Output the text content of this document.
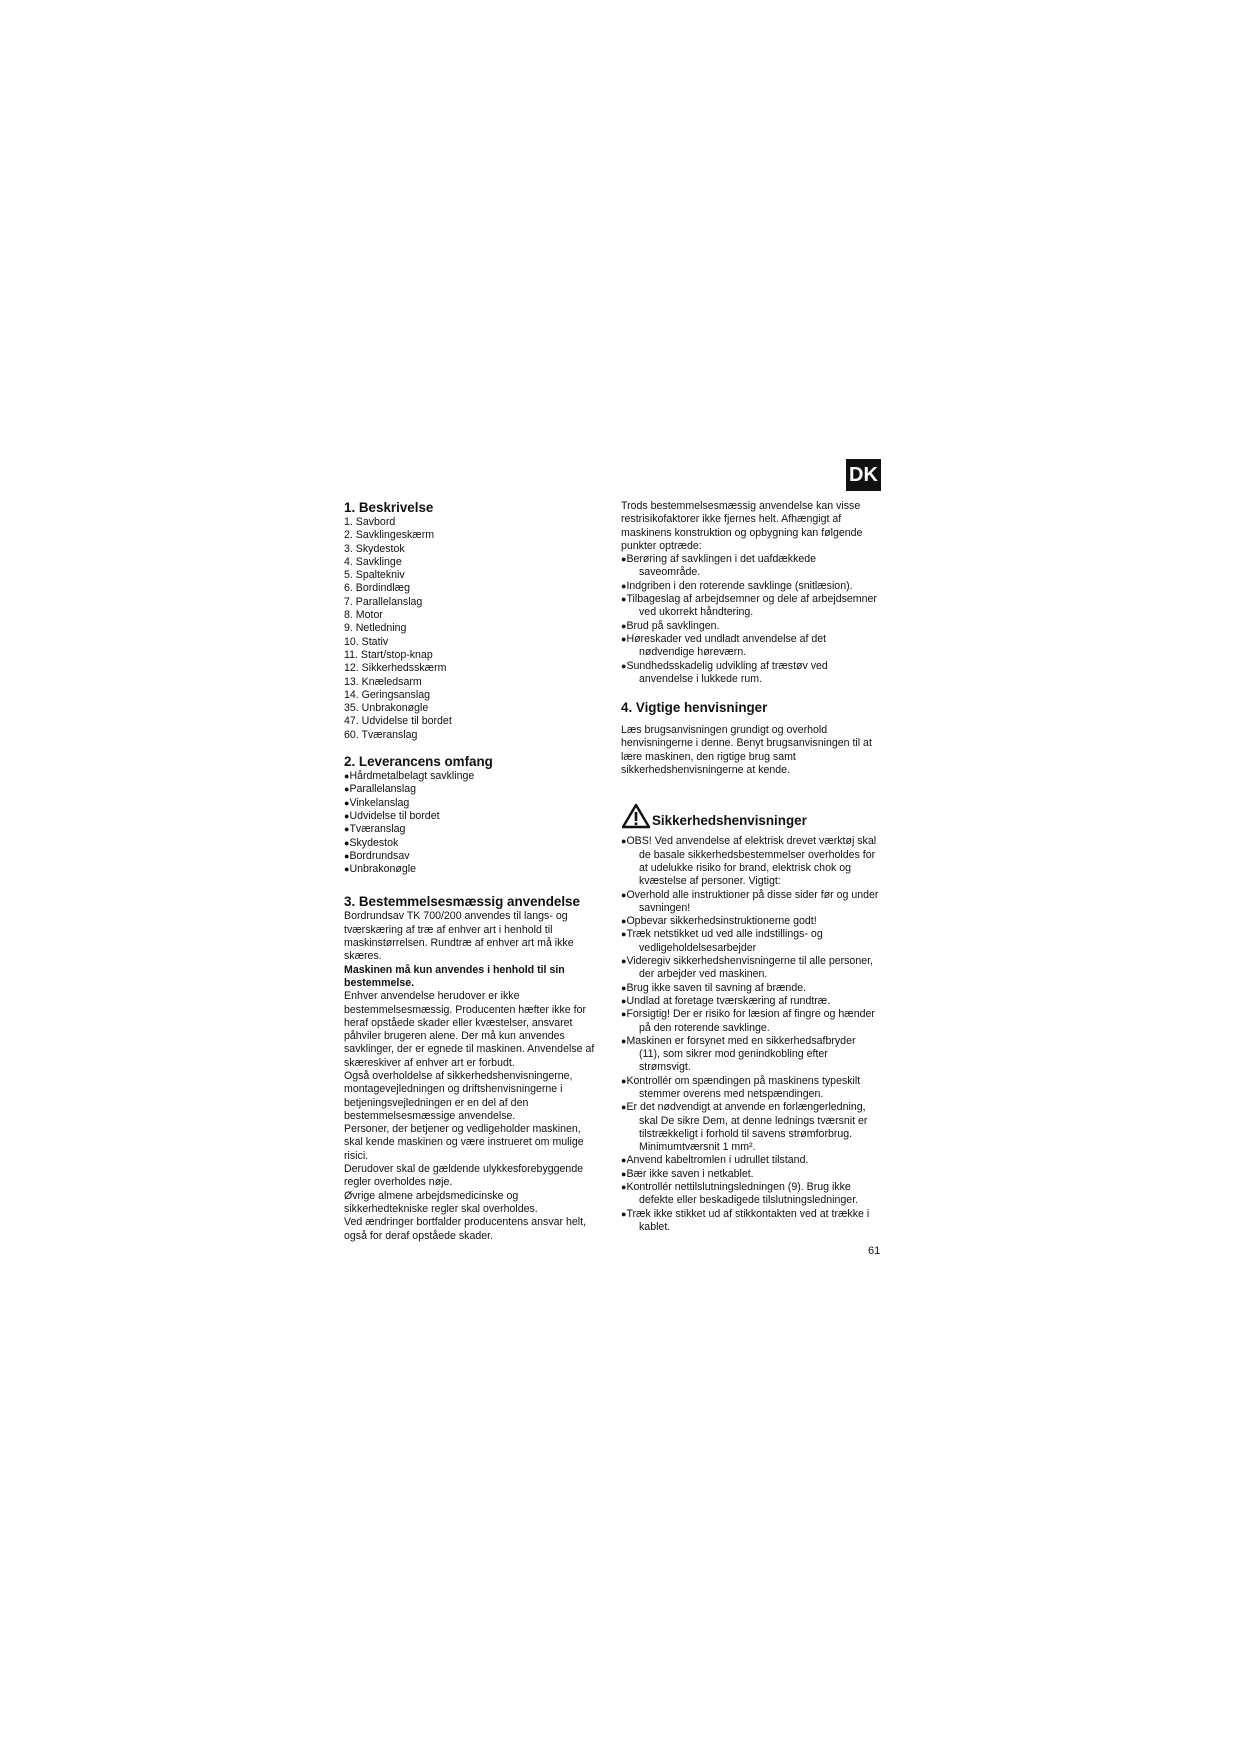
DK
1. Beskrivelse
1. Savbord
2. Savklingeskærm
3. Skydestok
4. Savklinge
5. Spaltekniv
6. Bordindlæg
7. Parallelanslag
8. Motor
9. Netledning
10. Stativ
11. Start/stop-knap
12. Sikkerhedsskærm
13. Knæledsarm
14. Geringsanslag
35. Unbrakonøgle
47. Udvidelse til bordet
60. Tværanslag
2. Leverancens omfang
● Hårdmetalbelagt savklinge
● Parallelanslag
● Vinkelanslag
● Udvidelse til bordet
● Tværanslag
● Skydestok
● Bordrundsav
● Unbrakonøgle
3. Bestemmelsesmæssig anvendelse

Bordrundsav TK 700/200 anvendes til langs- og tværskæring af træ af enhver art i henhold til maskinstørrelsen. Rundtræ af enhver art må ikke skæres.

Maskinen må kun anvendes i henhold til sin bestemmelse.

Enhver anvendelse herudover er ikke bestemmelsesmæssig. Producenten hæfter ikke for heraf opståede skader eller kvæstelser, ansvaret påhviler brugeren alene. Der må kun anvendes savklinger, der er egnede til maskinen. Anvendelse af skæreskiver af enhver art er forbudt.

Også overholdelse af sikkerhedshenvisningerne, montagevejledningen og driftshenvisningerne i betjeningsvejledningen er en del af den bestemmelsesmæssige anvendelse.

Personer, der betjener og vedligeholder maskinen, skal kende maskinen og være instrueret om mulige risici.

Derudover skal de gældende ulykkesforebyggende regler overholdes nøje.

Øvrige almene arbejdsmedicinske og sikkerhedtekniske regler skal overholdes.

Ved ændringer bortfalder producentens ansvar helt, også for deraf opståede skader.

Trods bestemmelsesmæssig anvendelse kan visse restrisikofaktorer ikke fjernes helt. Afhængigt af maskinens konstruktion og opbygning kan følgende punkter optræde:

● Berøring af savklingen i det uafdækkede saveområde.
● Indgriben i den roterende savklinge (snitlæsion).
● Tilbageslag af arbejdsemner og dele af arbejdsemner ved ukorrekt håndtering.
● Brud på savklingen.
● Høreskader ved undladt anvendelse af det nødvendige høreværn.
● Sundhedsskadelig udvikling af træstøv ved anvendelse i lukkede rum.
4. Vigtige henvisninger

Læs brugsanvisningen grundigt og overhold henvisningerne i denne. Benyt brugsanvisningen til at lære maskinen, den rigtige brug samt sikkerhedshenvisningerne at kende.

Sikkerhedshenvisninger
● OBS! Ved anvendelse af elektrisk drevet værktøj skal de basale sikkerhedsbestemmelser overholdes for at udelukke risiko for brand, elektrisk chok og kvæstelse af personer. Vigtigt:
● Overhold alle instruktioner på disse sider før og under savningen!
● Opbevar sikkerhedsinstruktionerne godt!
● Træk netstikket ud ved alle indstillings- og vedligeholdelsesarbejder
● Videregiv sikkerhedshenvisningerne til alle personer, der arbejder ved maskinen.
● Brug ikke saven til savning af brænde.
● Undlad at foretage tværskæring af rundtræ.
● Forsigtig! Der er risiko for læsion af fingre og hænder på den roterende savklinge.
● Maskinen er forsynet med en sikkerhedsafbryder (11), som sikrer mod genindkobling efter strømsvigt.
● Kontrollér om spændingen på maskinens typeskilt stemmer overens med netspændingen.
● Er det nødvendigt at anvende en forlængerledning, skal De sikre Dem, at denne lednings tværsnit er tilstrækkeligt i forhold til savens strømforbrug. Minimumtværsnit 1 mm².
● Anvend kabeltromlen i udrullet tilstand.
● Bær ikke saven i netkablet.
● Kontrollér nettilslutningsledningen (9). Brug ikke defekte eller beskadigede tilslutningsledninger.
● Træk ikke stikket ud af stikkontakten ved at trække i kablet.
61
